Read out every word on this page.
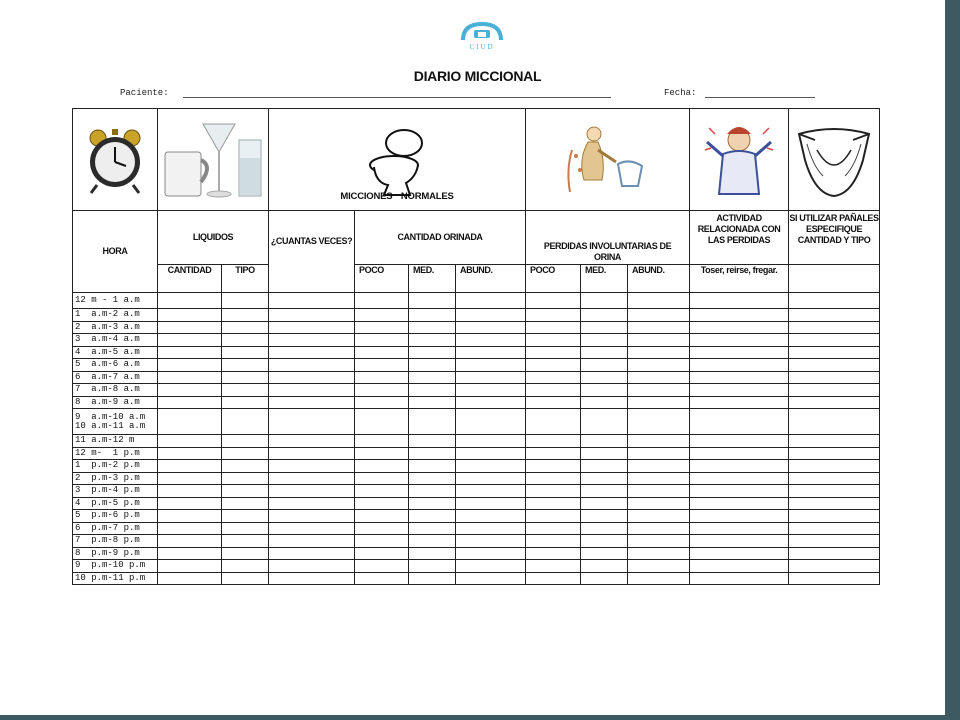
CIUD
DIARIO MICCIONAL
Paciente:	Fecha:

MICCIONES NORMALES

HORA	LIQUIDOS		¿CUANTAS VECES?	CANTIDAD ORINADA			PERDIDAS INVOLUNTARIAS DE ORINA			ACTIVIDAD RELACIONADA CON LAS PERDIDAS	SI UTILIZAR PAÑALES ESPECIFIQUE CANTIDAD Y TIPO
	CANTIDAD	TIPO		POCO	MED.	ABUND.	POCO	MED.	ABUND.	Toser, reirse, fregar.	
12 m - 1 a.m											
1  a.m-2 a.m											
2  a.m-3 a.m											
3  a.m-4 a.m											
4  a.m-5 a.m											
5  a.m-6 a.m											
6  a.m-7 a.m											
7  a.m-8 a.m											
8  a.m-9 a.m											
9  a.m-10 a.m
10 a.m-11 a.m											
11 a.m-12 m											
12 m-  1 p.m											
1  p.m-2 p.m											
2  p.m-3 p.m											
3  p.m-4 p.m											
4  p.m-5 p.m											
5  p.m-6 p.m											
6  p.m-7 p.m											
7  p.m-8 p.m											
8  p.m-9 p.m											
9  p.m-10 p.m											
10 p.m-11 p.m											
